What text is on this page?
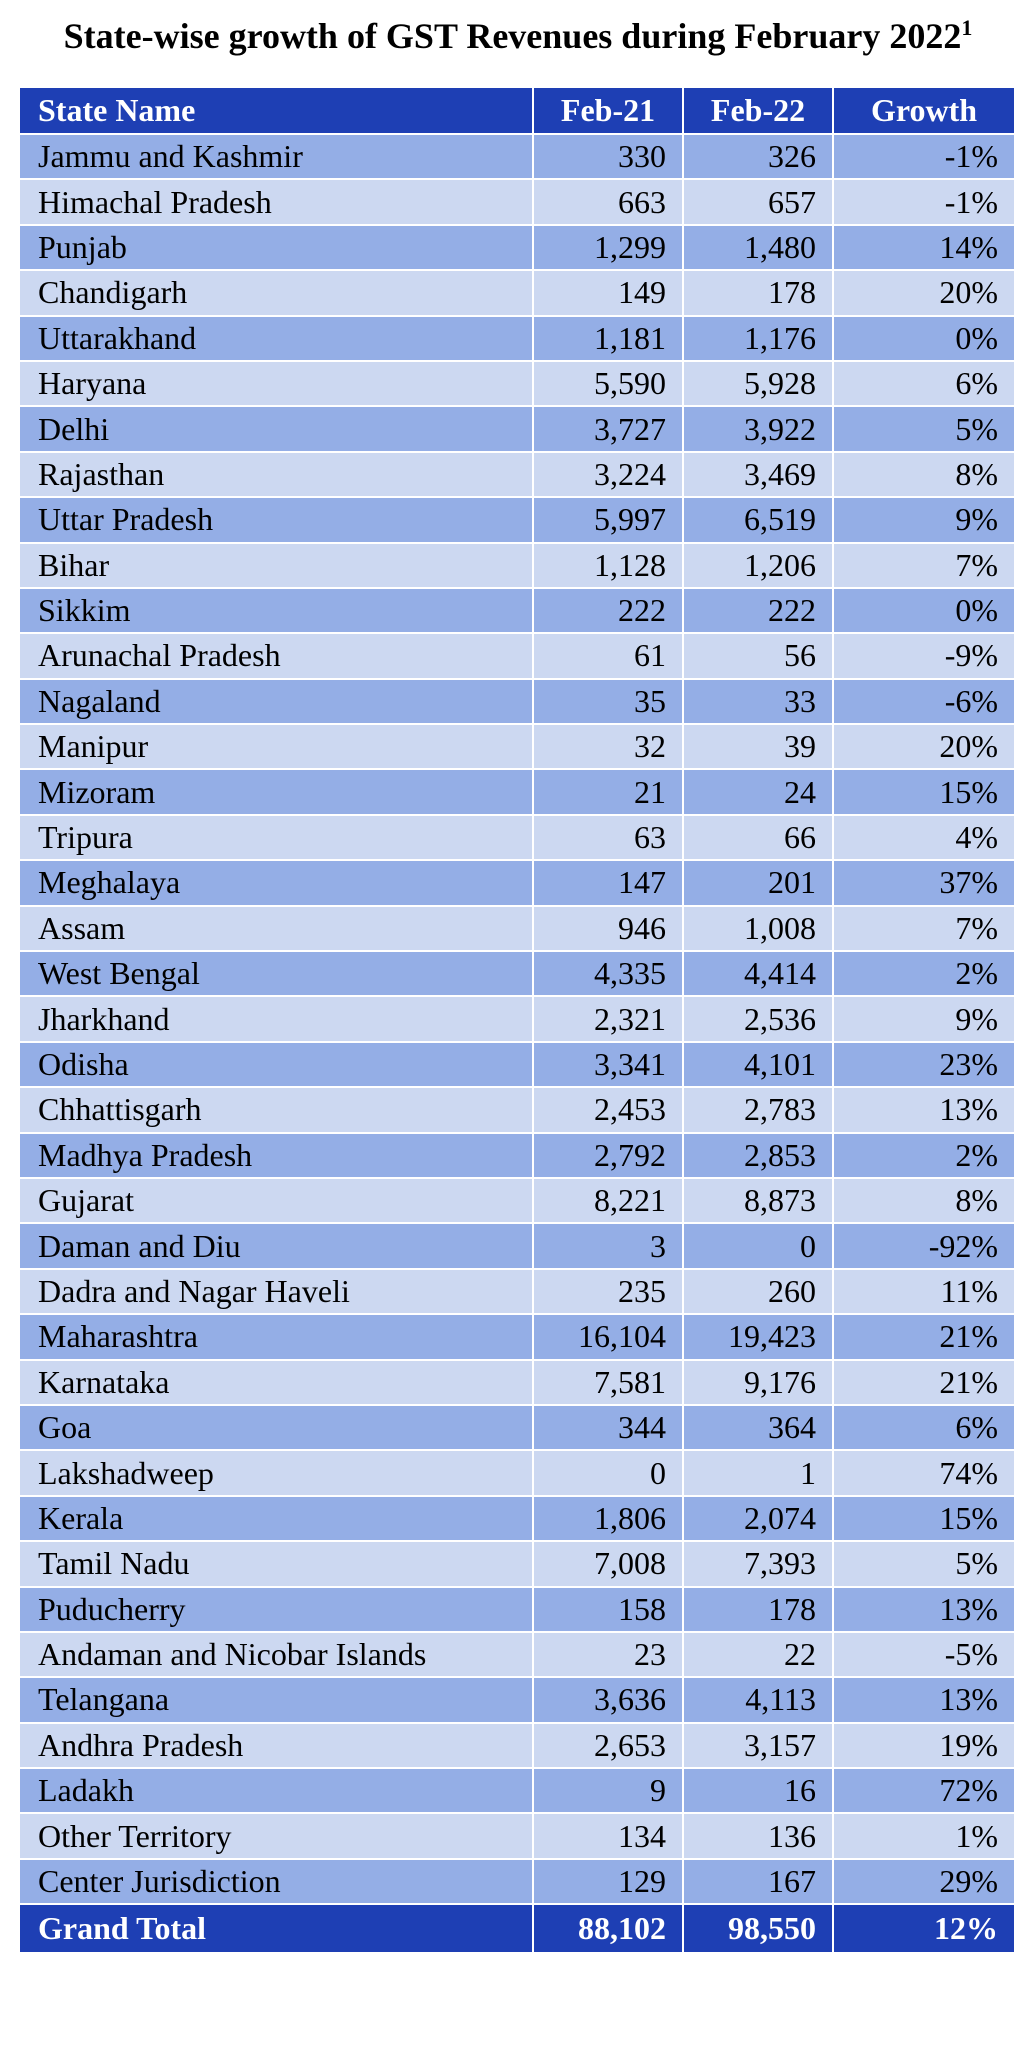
State-wise growth of GST Revenues during February 2022$^1$
State Name	Feb-21	Feb-22	Growth
Jammu and Kashmir	330	326	-1%
Himachal Pradesh	663	657	-1%
Punjab	1,299	1,480	14%
Chandigarh	149	178	20%
Uttarakhand	1,181	1,176	0%
Haryana	5,590	5,928	6%
Delhi	3,727	3,922	5%
Rajasthan	3,224	3,469	8%
Uttar Pradesh	5,997	6,519	9%
Bihar	1,128	1,206	7%
Sikkim	222	222	0%
Arunachal Pradesh	61	56	-9%
Nagaland	35	33	-6%
Manipur	32	39	20%
Mizoram	21	24	15%
Tripura	63	66	4%
Meghalaya	147	201	37%
Assam	946	1,008	7%
West Bengal	4,335	4,414	2%
Jharkhand	2,321	2,536	9%
Odisha	3,341	4,101	23%
Chhattisgarh	2,453	2,783	13%
Madhya Pradesh	2,792	2,853	2%
Gujarat	8,221	8,873	8%
Daman and Diu	3	0	-92%
Dadra and Nagar Haveli	235	260	11%
Maharashtra	16,104	19,423	21%
Karnataka	7,581	9,176	21%
Goa	344	364	6%
Lakshadweep	0	1	74%
Kerala	1,806	2,074	15%
Tamil Nadu	7,008	7,393	5%
Puducherry	158	178	13%
Andaman and Nicobar Islands	23	22	-5%
Telangana	3,636	4,113	13%
Andhra Pradesh	2,653	3,157	19%
Ladakh	9	16	72%
Other Territory	134	136	1%
Center Jurisdiction	129	167	29%
Grand Total	88,102	98,550	12%
